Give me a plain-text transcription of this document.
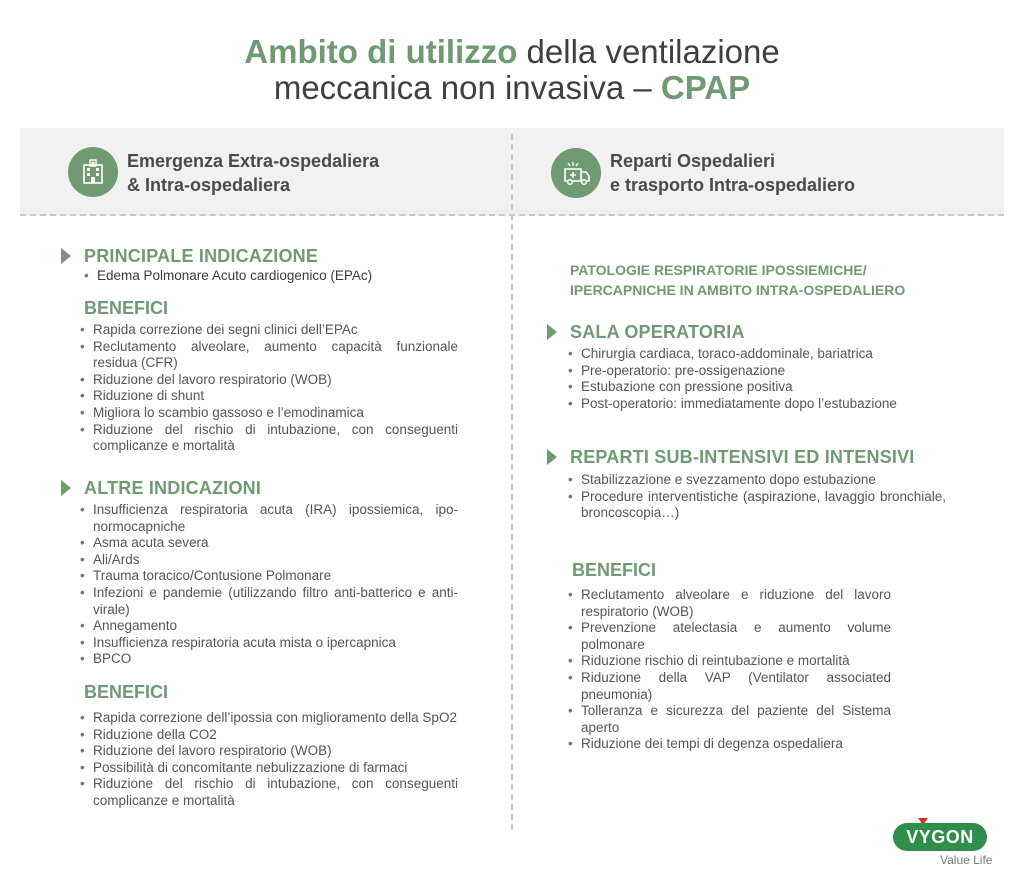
Ambito di utilizzo della ventilazione
meccanica non invasiva – CPAP
Emergenza Extra-ospedaliera
& Intra-ospedaliera
Reparti Ospedalieri
e trasporto Intra-ospedaliero
PRINCIPALE INDICAZIONE
• Edema Polmonare Acuto cardiogenico (EPAc)
BENEFICI
• Rapida correzione dei segni clinici dell’EPAc
• Reclutamento alveolare, aumento capacità funzionale residua (CFR)
• Riduzione del lavoro respiratorio (WOB)
• Riduzione di shunt
• Migliora lo scambio gassoso e l’emodinamica
• Riduzione del rischio di intubazione, con conseguenti complicanze e mortalità
ALTRE INDICAZIONI
• Insufficienza respiratoria acuta (IRA) ipossiemica, ipo-normocapniche
• Asma acuta severa
• Ali/Ards
• Trauma toracico/Contusione Polmonare
• Infezioni e pandemie (utilizzando filtro anti-batterico e anti-virale)
• Annegamento
• Insufficienza respiratoria acuta mista o ipercapnica
• BPCO
BENEFICI
• Rapida correzione dell’ipossia con miglioramento della SpO2
• Riduzione della CO2
• Riduzione del lavoro respiratorio (WOB)
• Possibilità di concomitante nebulizzazione di farmaci
• Riduzione del rischio di intubazione, con conseguenti complicanze e mortalità
PATOLOGIE RESPIRATORIE IPOSSIEMICHE/
IPERCAPNICHE IN AMBITO INTRA-OSPEDALIERO
SALA OPERATORIA
• Chirurgia cardiaca, toraco-addominale, bariatrica
• Pre-operatorio: pre-ossigenazione
• Estubazione con pressione positiva
• Post-operatorio: immediatamente dopo l’estubazione
REPARTI SUB-INTENSIVI ED INTENSIVI
• Stabilizzazione e svezzamento dopo estubazione
• Procedure interventistiche (aspirazione, lavaggio bronchiale, broncoscopia…)
BENEFICI
• Reclutamento alveolare e riduzione del lavoro respiratorio (WOB)
• Prevenzione atelectasia e aumento volume polmonare
• Riduzione rischio di reintubazione e mortalità
• Riduzione della VAP (Ventilator associated pneumonia)
• Tolleranza e sicurezza del paziente del Sistema aperto
• Riduzione dei tempi di degenza ospedaliera
VYGON
Value Life
